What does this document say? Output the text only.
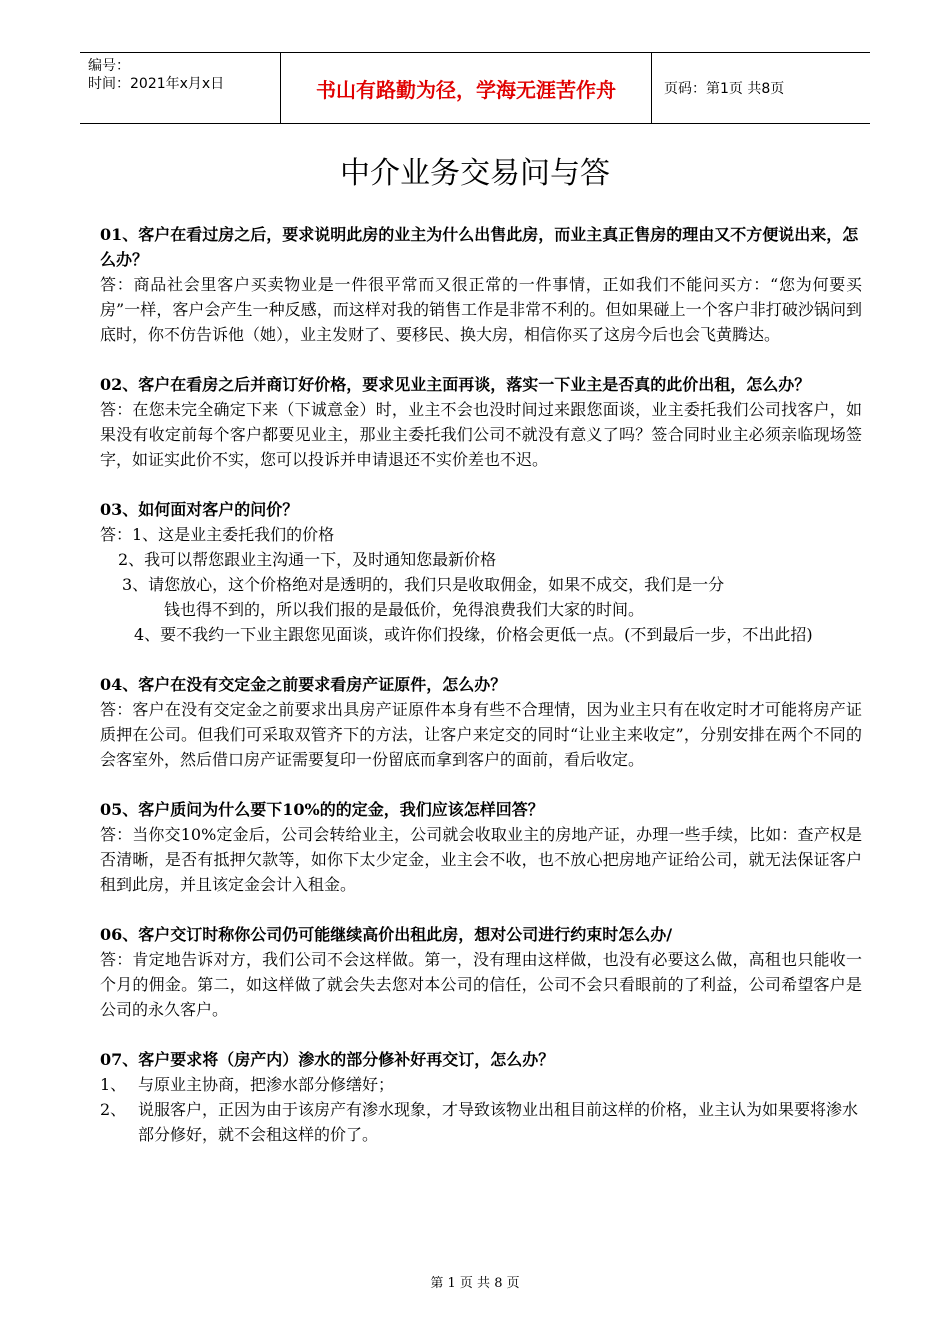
编号：
时间：2021年x月x日	书山有路勤为径，学海无涯苦作舟	页码：第1页 共8页
中介业务交易问与答
01、客户在看过房之后，要求说明此房的业主为什么出售此房，而业主真正售房的理由又不方便说出来，怎么办？
答：商品社会里客户买卖物业是一件很平常而又很正常的一件事情，正如我们不能问买方：“您为何要买房”一样，客户会产生一种反感，而这样对我的销售工作是非常不利的。但如果碰上一个客户非打破沙锅问到底时，你不仿告诉他（她），业主发财了、要移民、换大房，相信你买了这房今后也会飞黄腾达。
02、客户在看房之后并商订好价格，要求见业主面再谈，落实一下业主是否真的此价出租，怎么办？
答：在您未完全确定下来（下诚意金）时，业主不会也没时间过来跟您面谈，业主委托我们公司找客户，如果没有收定前每个客户都要见业主，那业主委托我们公司不就没有意义了吗？签合同时业主必须亲临现场签字，如证实此价不实，您可以投诉并申请退还不实价差也不迟。
03、如何面对客户的问价？
答：1、这是业主委托我们的价格
2、我可以帮您跟业主沟通一下，及时通知您最新价格
3、请您放心，这个价格绝对是透明的，我们只是收取佣金，如果不成交，我们是一分
钱也得不到的，所以我们报的是最低价，免得浪费我们大家的时间。
4、要不我约一下业主跟您见面谈，或许你们投缘，价格会更低一点。(不到最后一步，不出此招)
04、客户在没有交定金之前要求看房产证原件，怎么办？
答：客户在没有交定金之前要求出具房产证原件本身有些不合理情，因为业主只有在收定时才可能将房产证质押在公司。但我们可采取双管齐下的方法，让客户来定交的同时“让业主来收定”，分别安排在两个不同的会客室外，然后借口房产证需要复印一份留底而拿到客户的面前，看后收定。
05、客户质问为什么要下10%的的定金，我们应该怎样回答？
答：当你交10%定金后，公司会转给业主，公司就会收取业主的房地产证，办理一些手续，比如：查产权是否清晰，是否有抵押欠款等，如你下太少定金，业主会不收，也不放心把房地产证给公司，就无法保证客户租到此房，并且该定金会计入租金。
06、客户交订时称你公司仍可能继续高价出租此房，想对公司进行约束时怎么办/
答：肯定地告诉对方，我们公司不会这样做。第一，没有理由这样做，也没有必要这么做，高租也只能收一个月的佣金。第二，如这样做了就会失去您对本公司的信任，公司不会只看眼前的了利益，公司希望客户是公司的永久客户。
07、客户要求将（房产内）渗水的部分修补好再交订，怎么办？
1、 与原业主协商，把渗水部分修缮好；
2、 说服客户，正因为由于该房产有渗水现象，才导致该物业出租目前这样的价格，业主认为如果要将渗水部分修好，就不会租这样的价了。
第 1 页 共 8 页
